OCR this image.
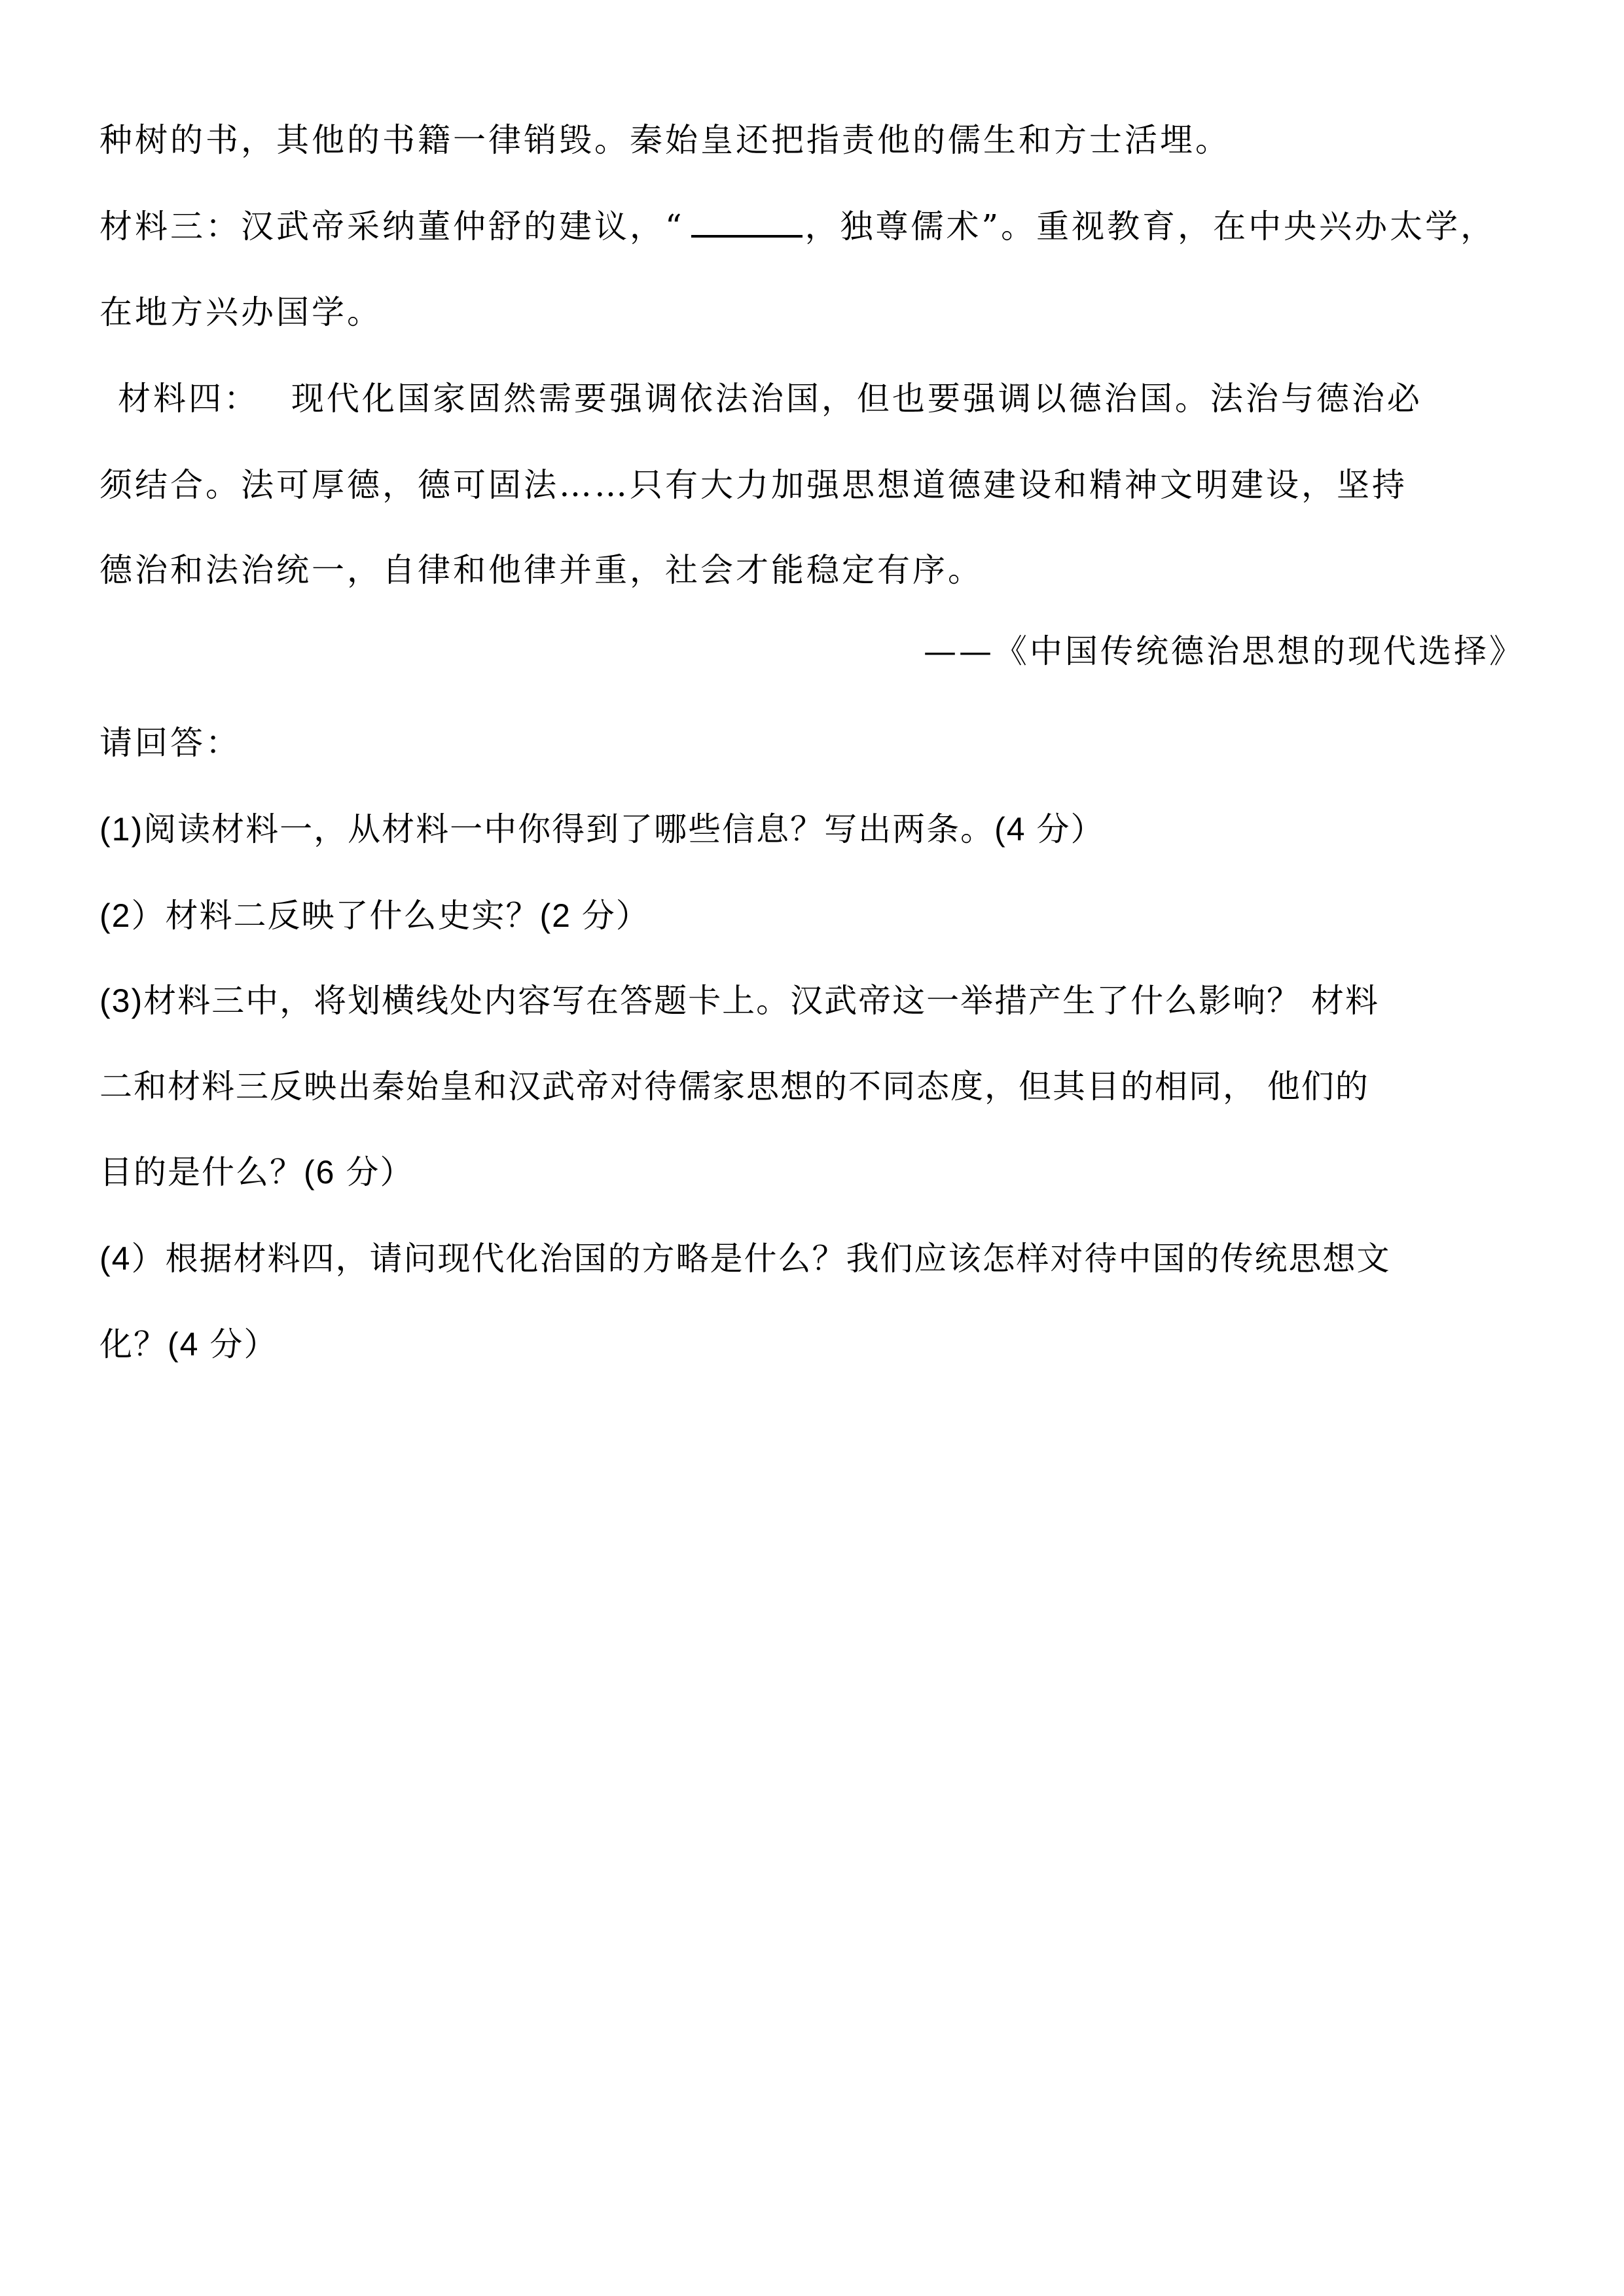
种树的书，其他的书籍一律销毁。秦始皇还把指责他的儒生和方士活埋。
材料三：汉武帝采纳董仲舒的建议，“	，独尊儒术”。重视教育，在中央兴办太学，
在地方兴办国学。
材料四：　 现代化国家固然需要强调依法治国，但也要强调以德治国。法治与德治必
须结合。法可厚德，德可固法……只有大力加强思想道德建设和精神文明建设，坚持
德治和法治统一，自律和他律并重，社会才能稳定有序。
——《中国传统德治思想的现代选择》
请回答：
(1)阅读材料一，从材料一中你得到了哪些信息？写出两条。(4 分）
(2）材料二反映了什么史实？(2 分）
(3)材料三中，将划横线处内容写在答题卡上。汉武帝这一举措产生了什么影响？ 材料
二和材料三反映出秦始皇和汉武帝对待儒家思想的不同态度，但其目的相同， 他们的
目的是什么？(6 分）
(4）根据材料四，请问现代化治国的方略是什么？我们应该怎样对待中国的传统思想文
化？(4 分）
